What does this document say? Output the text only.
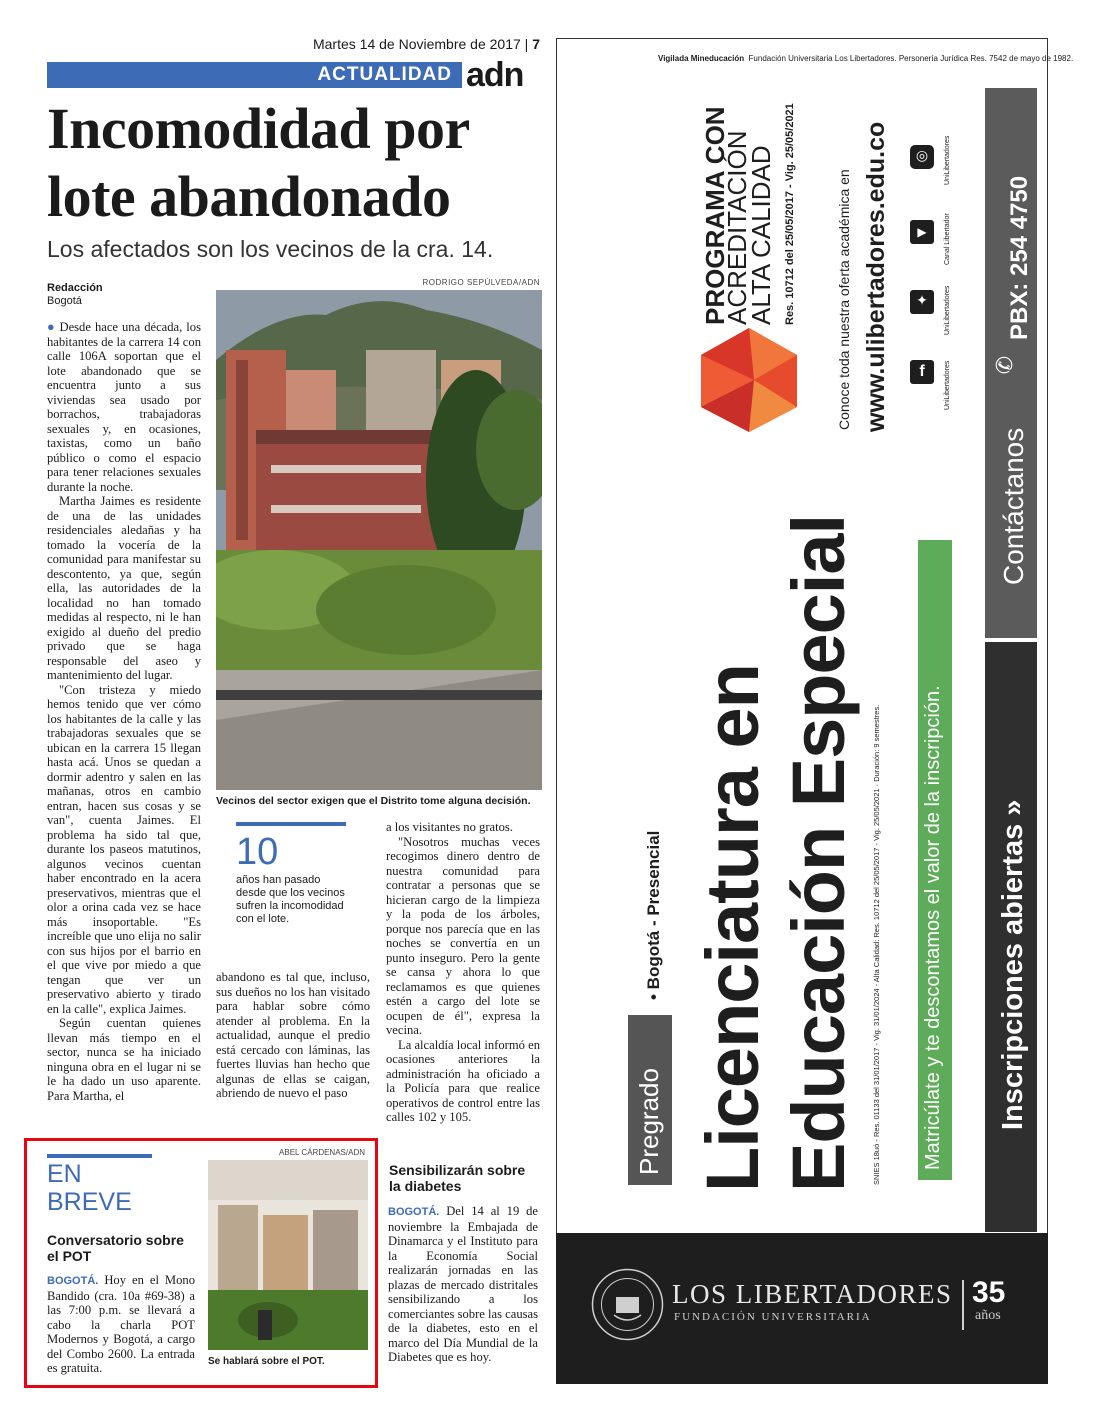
Martes 14 de Noviembre de 2017 | 7
ACTUALIDAD adn
Incomodidad por
lote abandonado
Los afectados son los vecinos de la cra. 14.
Redacción
Bogotá
RODRIGO SEPÚLVEDA/ADN

● Desde hace una década, los habitantes de la carrera 14 con calle 106A soportan que el lote abandonado que se encuentra junto a sus viviendas sea usado por borrachos, trabajadoras sexuales y, en ocasiones, taxistas, como un baño público o como el espacio para tener relaciones sexuales durante la noche.

Martha Jaimes es residente de una de las unidades residenciales aledañas y ha tomado la vocería de la comunidad para manifestar su descontento, ya que, según ella, las autoridades de la localidad no han tomado medidas al respecto, ni le han exigido al dueño del predio privado que se haga responsable del aseo y mantenimiento del lugar.

"Con tristeza y miedo hemos tenido que ver cómo los habitantes de la calle y las trabajadoras sexuales que se ubican en la carrera 15 llegan hasta acá. Unos se quedan a dormir adentro y salen en las mañanas, otros en cambio entran, hacen sus cosas y se van", cuenta Jaimes. El problema ha sido tal que, durante los paseos matutinos, algunos vecinos cuentan haber encontrado en la acera preservativos, mientras que el olor a orina cada vez se hace más insoportable. "Es increíble que uno elija no salir con sus hijos por el barrio en el que vive por miedo a que tengan que ver un preservativo abierto y tirado en la calle", explica Jaimes.

Según cuentan quienes llevan más tiempo en el sector, nunca se ha iniciado ninguna obra en el lugar ni se le ha dado un uso aparente. Para Martha, el

Vecinos del sector exigen que el Distrito tome alguna decisión.
10
años han pasado desde que los vecinos sufren la incomodidad con el lote.

abandono es tal que, incluso, sus dueños no los han visitado para hablar sobre cómo atender al problema. En la actualidad, aunque el predio está cercado con láminas, las fuertes lluvias han hecho que algunas de ellas se caigan, abriendo de nuevo el paso

a los visitantes no gratos.

"Nosotros muchas veces recogimos dinero dentro de nuestra comunidad para contratar a personas que se hicieran cargo de la limpieza y la poda de los árboles, porque nos parecía que en las noches se convertía en un punto inseguro. Pero la gente se cansa y ahora lo que reclamamos es que quienes estén a cargo del lote se ocupen de él", expresa la vecina.

La alcaldía local informó en ocasiones anteriores la administración ha oficiado a la Policía para que realice operativos de control entre las calles 102 y 105.

EN
BREVE
Conversatorio sobre el POT
BOGOTÁ. Hoy en el Mono Bandido (cra. 10a #69-38) a las 7:00 p.m. se llevará a cabo la charla POT Modernos y Bogotá, a cargo del Combo 2600. La entrada es gratuita.
ABEL CÁRDENAS/ADN
Se hablará sobre el POT.
Sensibilizarán sobre la diabetes
BOGOTÁ. Del 14 al 19 de noviembre la Embajada de Dinamarca y el Instituto para la Economía Social realizarán jornadas en las plazas de mercado distritales sensibilizando a los comerciantes sobre las causas de la diabetes, esto en el marco del Día Mundial de la Diabetes que es hoy.
Vigilada Mineducación Fundación Universitaria Los Libertadores. Personería Jurídica Res. 7542 de mayo de 1982.
PROGRAMA CON
ACREDITACIÓN
ALTA CALIDAD Res. 10712 del 25/05/2017 - Vig. 25/05/2021	Conoce toda nuestra oferta académica en www.ulibertadores.edu.co	f
✦
▶
◎
UniLibertadores
UniLibertadores
Canal Libertador
UniLibertadores
Contáctanos
✆
PBX: 254 4750
Pregrado
• Bogotá - Presencial Licenciatura en Educación Especial SNIES 18uó - Res. 01133 del 31/01/2017 - Vig. 31/01/2024 - Alta Calidad: Res. 10712 del 25/05/2017 - Vig. 25/05/2021 · Duración: 9 semestres. Matricúlate y te descontamos el valor de la inscripción. Inscripciones abiertas »
LOS LIBERTADORES
FUNDACIÓN UNIVERSITARIA
35
años
